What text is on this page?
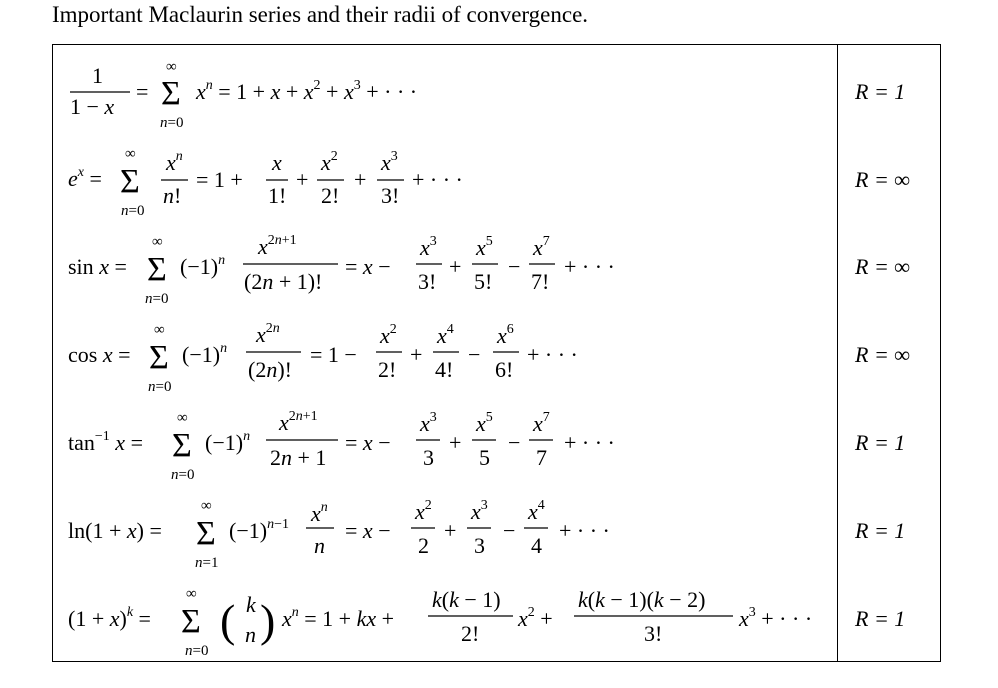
Important Maclaurin series and their radii of convergence.
1
1 − x
= Σ
∞
n=0
$x^n = 1 + x + x^2 + x^3$ + · · ·
$e^x = \Sigma$
∞
n=0
$x^n$
n!
= 1 +
x
1!
+
$x^2$
2!
+
$x^3$
3!
+ · · ·
sin x = Σ
∞
n=0
$(-1)^n$
$x^{2n+1}$
(2n + 1)!
= x −
$x^3$
3!
+
$x^5$
5!
−
$x^7$
7!
+ · · ·
cos x = Σ
∞
n=0
$(-1)^n$
$x^{2n}$
(2n)!
= 1 −
$x^2$
2!
+
$x^4$
4!
−
$x^6$
6!
+ · · ·
$\tan^{-1} x = \Sigma$
∞
n=0
$(-1)^n$
$x^{2n+1}$
2n + 1
= x −
$x^3$
3
+
$x^5$
5
−
$x^7$
7
+ · · ·
ln(1 + x) = Σ
∞
n=1
$(-1)^{n-1}$ $x^n$
n
= x −
$x^2$
2
+
$x^3$
3
−
$x^4$
4
+ · · ·
$(1 + x)^k = \Sigma$
∞
n=0
( k
n ) $x^n = 1$ + kx +
k(k − 1)
2!
$x^2$ +
k(k − 1)(k − 2)
3!
$x^3$ + · · ·
R = 1
R = ∞
R = ∞
R = ∞
R = 1
R = 1
R = 1
